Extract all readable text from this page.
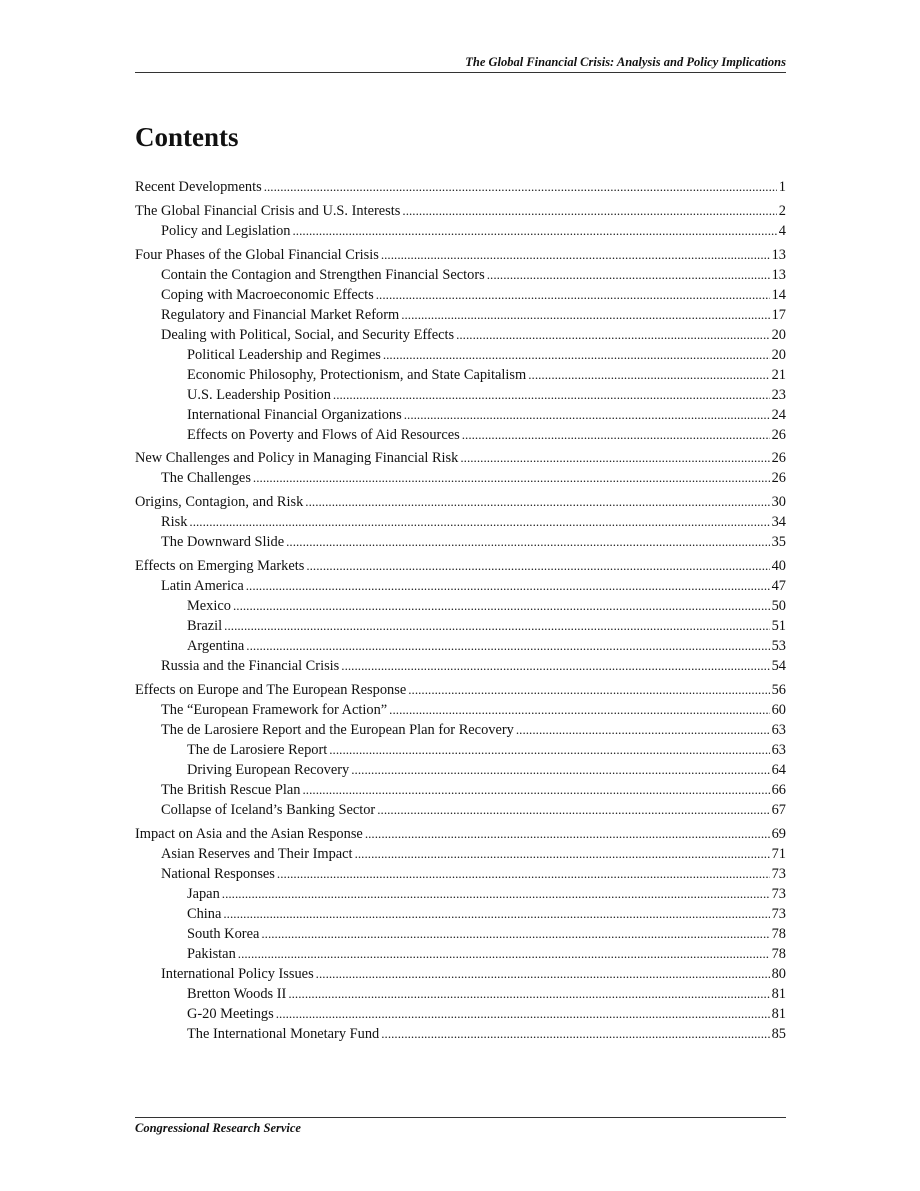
The Global Financial Crisis: Analysis and Policy Implications
Contents
Recent Developments . . .	1
The Global Financial Crisis and U.S. Interests . . .	2
Policy and Legislation . . .	4
Four Phases of the Global Financial Crisis . . .	13
Contain the Contagion and Strengthen Financial Sectors . . .	13
Coping with Macroeconomic Effects . . .	14
Regulatory and Financial Market Reform . . .	17
Dealing with Political, Social, and Security Effects . . .	20
Political Leadership and Regimes . . .	20
Economic Philosophy, Protectionism, and State Capitalism . . .	21
U.S. Leadership Position . . .	23
International Financial Organizations . . .	24
Effects on Poverty and Flows of Aid Resources . . .	26
New Challenges and Policy in Managing Financial Risk . . .	26
The Challenges . . .	26
Origins, Contagion, and Risk . . .	30
Risk . . .	34
The Downward Slide . . .	35
Effects on Emerging Markets . . .	40
Latin America . . .	47
Mexico . . .	50
Brazil . . .	51
Argentina . . .	53
Russia and the Financial Crisis . . .	54
Effects on Europe and The European Response . . .	56
The “European Framework for Action” . . .	60
The de Larosiere Report and the European Plan for Recovery . . .	63
The de Larosiere Report . . .	63
Driving European Recovery . . .	64
The British Rescue Plan . . .	66
Collapse of Iceland’s Banking Sector . . .	67
Impact on Asia and the Asian Response . . .	69
Asian Reserves and Their Impact . . .	71
National Responses . . .	73
Japan . . .	73
China . . .	73
South Korea . . .	78
Pakistan . . .	78
International Policy Issues . . .	80
Bretton Woods II . . .	81
G-20 Meetings . . .	81
The International Monetary Fund . . .	85
Congressional Research Service
